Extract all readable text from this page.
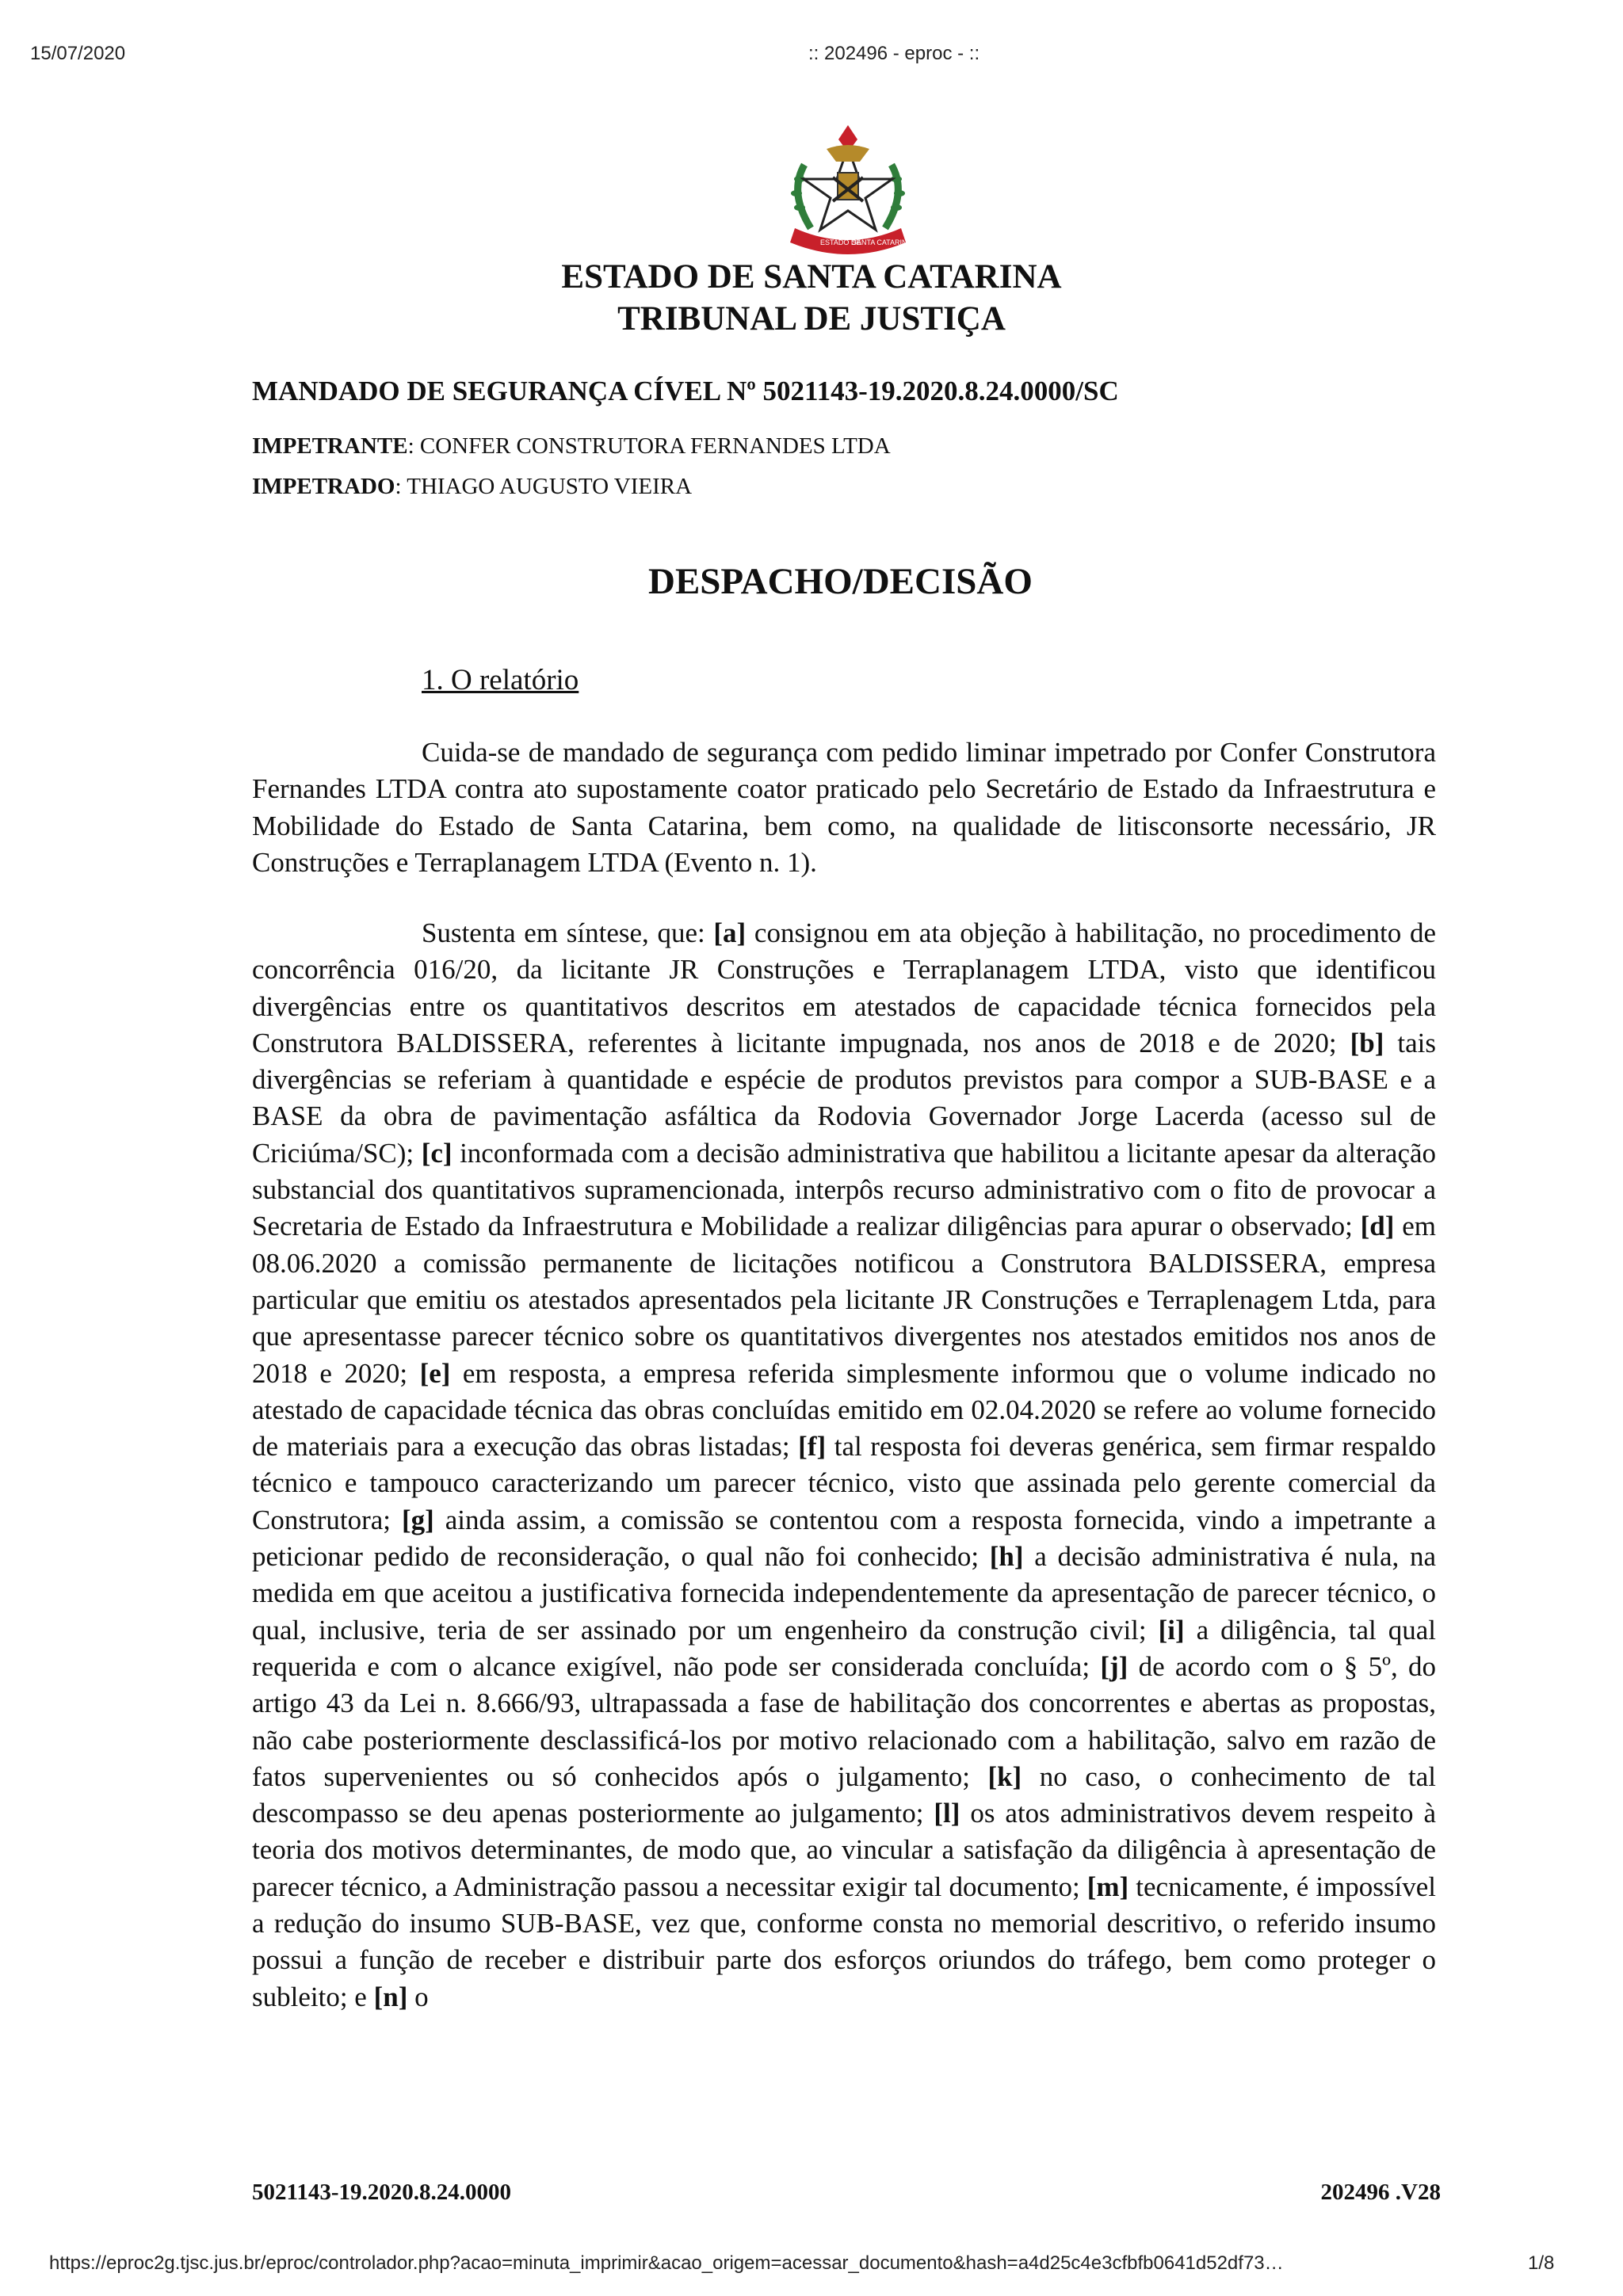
15/07/2020	:: 202496 - eproc - ::
ESTADO DE
SANTA CATARINA
ESTADO DE SANTA CATARINA
TRIBUNAL DE JUSTIÇA
MANDADO DE SEGURANÇA CÍVEL Nº 5021143-19.2020.8.24.0000/SC
IMPETRANTE: CONFER CONSTRUTORA FERNANDES LTDA
IMPETRADO: THIAGO AUGUSTO VIEIRA
DESPACHO/DECISÃO
1. O relatório

Cuida-se de mandado de segurança com pedido liminar impetrado por Confer Construtora Fernandes LTDA contra ato supostamente coator praticado pelo Secretário de Estado da Infraestrutura e Mobilidade do Estado de Santa Catarina, bem como, na qualidade de litisconsorte necessário, JR Construções e Terraplanagem LTDA (Evento n. 1).

Sustenta em síntese, que: [a] consignou em ata objeção à habilitação, no procedimento de concorrência 016/20, da licitante JR Construções e Terraplanagem LTDA, visto que identificou divergências entre os quantitativos descritos em atestados de capacidade técnica fornecidos pela Construtora BALDISSERA, referentes à licitante impugnada, nos anos de 2018 e de 2020; [b] tais divergências se referiam à quantidade e espécie de produtos previstos para compor a SUB-BASE e a BASE da obra de pavimentação asfáltica da Rodovia Governador Jorge Lacerda (acesso sul de Criciúma/SC); [c] inconformada com a decisão administrativa que habilitou a licitante apesar da alteração substancial dos quantitativos supramencionada, interpôs recurso administrativo com o fito de provocar a Secretaria de Estado da Infraestrutura e Mobilidade a realizar diligências para apurar o observado; [d] em 08.06.2020 a comissão permanente de licitações notificou a Construtora BALDISSERA, empresa particular que emitiu os atestados apresentados pela licitante JR Construções e Terraplenagem Ltda, para que apresentasse parecer técnico sobre os quantitativos divergentes nos atestados emitidos nos anos de 2018 e 2020; [e] em resposta, a empresa referida simplesmente informou que o volume indicado no atestado de capacidade técnica das obras concluídas emitido em 02.04.2020 se refere ao volume fornecido de materiais para a execução das obras listadas; [f] tal resposta foi deveras genérica, sem firmar respaldo técnico e tampouco caracterizando um parecer técnico, visto que assinada pelo gerente comercial da Construtora; [g] ainda assim, a comissão se contentou com a resposta fornecida, vindo a impetrante a peticionar pedido de reconsideração, o qual não foi conhecido; [h] a decisão administrativa é nula, na medida em que aceitou a justificativa fornecida independentemente da apresentação de parecer técnico, o qual, inclusive, teria de ser assinado por um engenheiro da construção civil; [i] a diligência, tal qual requerida e com o alcance exigível, não pode ser considerada concluída; [j] de acordo com o § 5º, do artigo 43 da Lei n. 8.666/93, ultrapassada a fase de habilitação dos concorrentes e abertas as propostas, não cabe posteriormente desclassificá-los por motivo relacionado com a habilitação, salvo em razão de fatos supervenientes ou só conhecidos após o julgamento; [k] no caso, o conhecimento de tal descompasso se deu apenas posteriormente ao julgamento; [l] os atos administrativos devem respeito à teoria dos motivos determinantes, de modo que, ao vincular a satisfação da diligência à apresentação de parecer técnico, a Administração passou a necessitar exigir tal documento; [m] tecnicamente, é impossível a redução do insumo SUB-BASE, vez que, conforme consta no memorial descritivo, o referido insumo possui a função de receber e distribuir parte dos esforços oriundos do tráfego, bem como proteger o subleito; e [n] o

5021143-19.2020.8.24.0000	202496 .V28
https://eproc2g.tjsc.jus.br/eproc/controlador.php?acao=minuta_imprimir&acao_origem=acessar_documento&hash=a4d25c4e3cfbfb0641d52df73…	1/8
